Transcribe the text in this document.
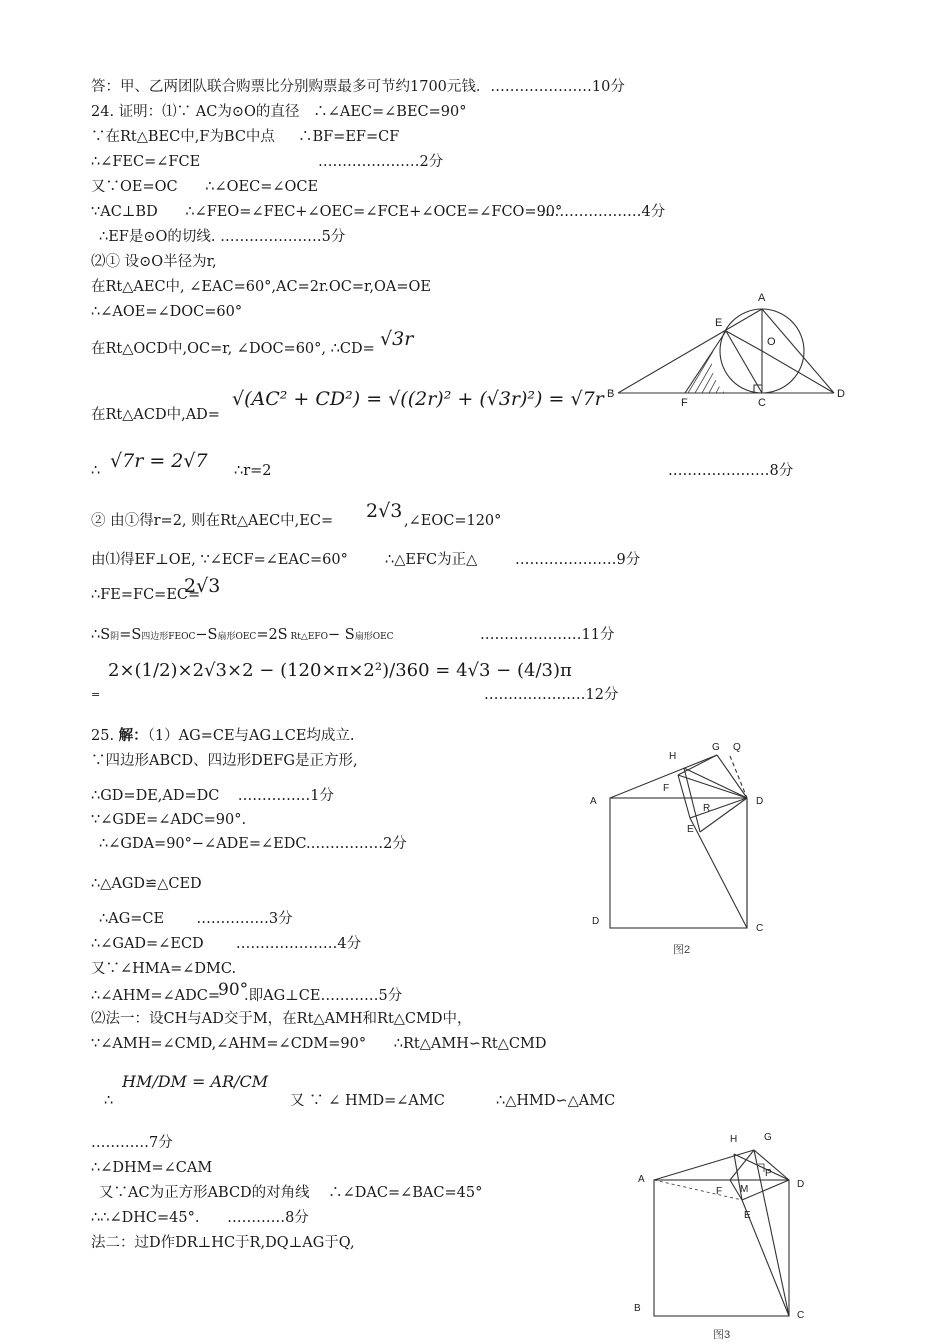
答：甲、乙两团队联合购票比分别购票最多可节约1700元钱．…………………10分
24. 证明：⑴∵ AC为⊙O的直径   ∴∠AEC=∠BEC=90°
∵在Rt△BEC中,F为BC中点     ∴BF=EF=CF
∴∠FEC=∠FCE	…………………2分
又∵OE=OC      ∴∠OEC=∠OCE
∵AC⊥BD      ∴∠FEO=∠FEC+∠OEC=∠FCE+∠OCE=∠FCO=90°
…………………4分
∴EF是⊙O的切线. …………………5分
⑵① 设⊙O半径为r,
在Rt△AEC中, ∠EAC=60°,AC=2r.OC=r,OA=OE
∴∠AOE=∠DOC=60°
在Rt△OCD中,OC=r, ∠DOC=60°, ∴CD= √3r
在Rt△ACD中,AD=
√(AC² + CD²) = √((2r)² + (√3r)²) = √7r
∴ √7r = 2√7 ∴r=2	…………………8分
② 由①得r=2, 则在Rt△AEC中,EC= 2√3 ,∠EOC=120°
由⑴得EF⊥OE, ∵∠ECF=∠EAC=60°	∴△EFC为正△	…………………9分
∴FE=FC=EC=
2√3
∴S阴=S四边形FEOC−S扇形OEC=2S Rt△EFO− S扇形OEC	…………………11分
=
2×(1/2)×2√3×2 − (120×π×2²)/360 = 4√3 − (4/3)π
…………………12分
25. 解：（1）AG=CE与AG⊥CE均成立.
∵四边形ABCD、四边形DEFG是正方形,
∴GD=DE,AD=DC    ……………1分
∵∠GDE=∠ADC=90°.
∴∠GDA=90°−∠ADE=∠EDC.……………2分
∴△AGD≌△CED
∴AG=CE       ……………3分
∴∠GAD=∠ECD       …………………4分
又∵∠HMA=∠DMC.
∴∠AHM=∠ADC=
90°
.即AG⊥CE…………5分
⑵法一：设CH与AD交于M，在Rt△AMH和Rt△CMD中，
∵∠AMH=∠CMD,∠AHM=∠CDM=90°      ∴Rt△AMH∽Rt△CMD
∴
HM/DM = AR/CM
又 ∵ ∠ HMD=∠AMC	∴△HMD∽△AMC
…………7分
∴∠DHM=∠CAM
又∵AC为正方形ABCD的对角线    ∴∠DAC=∠BAC=45°
∴∴∠DHC=45°.      …………8分
法二：过D作DR⊥HC于R,DQ⊥AG于Q,
A
E
O
B
F	C
D
H
G Q
F
A
R
D
E
D
C
图2
H	G
A
P
F M	D
E
B
C
图3
